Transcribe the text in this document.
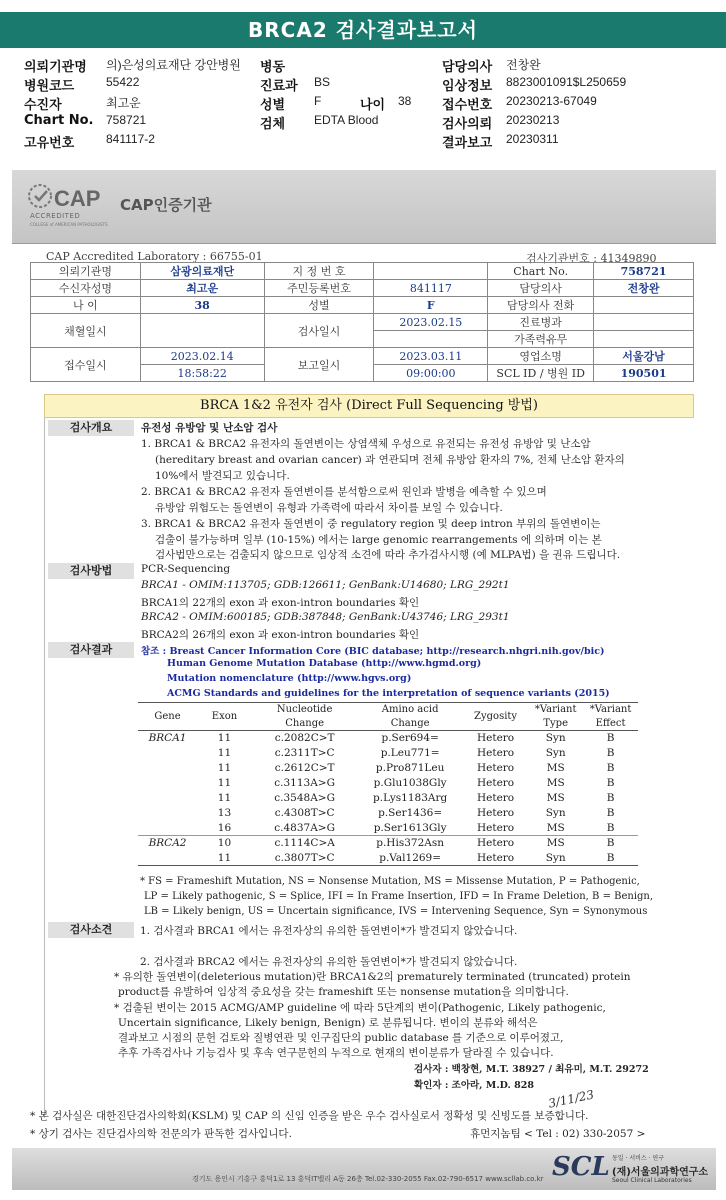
BRCA2 검사결과보고서
의뢰기관명 의)은성의료재단 강안병원 병동	담당의사 전창완
병원코드	55422	진료과 BS	임상정보 8823001091$L250659
수진자	최고운	성별 F	나이 38 접수번호 20230213-67049
Chart No. 758721	검체 EDTA Blood	검사의뢰 20230213
고유번호	841117-2	결과보고 20230311
CAP
ACCREDITED
COLLEGE of AMERICAN PATHOLOGISTS
CAP인증기관
CAP Accredited Laboratory : 66755-01	검사기관번호 : 41349890
의뢰기관명	삼광의료재단	지 정 번 호		Chart No.	758721
수신자성명	최고운	주민등록번호	841117	담당의사	전창완
나 이	38	성별	F	담당의사 전화	
채혈일시		검사일시	2023.02.15	진료병과	
				가족력유무	
접수일시	2023.02.14	보고일시	2023.03.11	영업소명	서울강남
	18:58:22		09:00:00	SCL ID / 병원 ID	190501
BRCA 1&2 유전자 검사 (Direct Full Sequencing 방법)
검사개요	유전성 유방암 및 난소암 검사
1. BRCA1 & BRCA2 유전자의 돌연변이는 상염색체 우성으로 유전되는 유전성 유방암 및 난소암
(hereditary breast and ovarian cancer) 과 연관되며 전체 유방암 환자의 7%, 전체 난소암 환자의
10%에서 발견되고 있습니다.
2. BRCA1 & BRCA2 유전자 돌연변이를 분석함으로써 원인과 발병을 예측할 수 있으며
유방암 위험도는 돌연변이 유형과 가족력에 따라서 차이를 보일 수 있습니다.
3. BRCA1 & BRCA2 유전자 돌연변이 중 regulatory region 및 deep intron 부위의 돌연변이는
검출이 불가능하며 일부 (10-15%) 에서는 large genomic rearrangements 에 의하며 이는 본
검사법만으로는 검출되지 않으므로 임상적 소견에 따라 추가검사시행 (예 MLPA법) 을 권유 드립니다.
검사방법	PCR-Sequencing
BRCA1 - OMIM:113705; GDB:126611; GenBank:U14680; LRG_292t1
BRCA1의 22개의 exon 과 exon-intron boundaries 확인
BRCA2 - OMIM:600185; GDB:387848; GenBank:U43746; LRG_293t1
BRCA2의 26개의 exon 과 exon-intron boundaries 확인
검사결과	참조 : Breast Cancer Information Core (BIC database; http://research.nhgri.nih.gov/bic)
Human Genome Mutation Database (http://www.hgmd.org)
Mutation nomenclature (http://www.hgvs.org)
ACMG Standards and guidelines for the interpretation of sequence variants (2015)
Gene	Exon	Nucleotide	Amino acid	Zygosity	*Variant	*Variant
		Change	Change		Type	Effect
BRCA1	11	c.2082C>T	p.Ser694=	Hetero	Syn	B
	11	c.2311T>C	p.Leu771=	Hetero	Syn	B
	11	c.2612C>T	p.Pro871Leu	Hetero	MS	B
	11	c.3113A>G	p.Glu1038Gly	Hetero	MS	B
	11	c.3548A>G	p.Lys1183Arg	Hetero	MS	B
	13	c.4308T>C	p.Ser1436=	Hetero	Syn	B
	16	c.4837A>G	p.Ser1613Gly	Hetero	MS	B
BRCA2	10	c.1114C>A	p.His372Asn	Hetero	MS	B
	11	c.3807T>C	p.Val1269=	Hetero	Syn	B
* FS = Frameshift Mutation, NS = Nonsense Mutation, MS = Missense Mutation, P = Pathogenic,
LP = Likely pathogenic, S = Splice, IFI = In Frame Insertion, IFD = In Frame Deletion, B = Benign,
LB = Likely benign, US = Uncertain significance, IVS = Intervening Sequence, Syn = Synonymous
검사소견	1. 검사결과 BRCA1 에서는 유전자상의 유의한 돌연변이*가 발견되지 않았습니다.
2. 검사결과 BRCA2 에서는 유전자상의 유의한 돌연변이*가 발견되지 않았습니다.
* 유의한 돌연변이(deleterious mutation)란 BRCA1&2의 prematurely terminated (truncated) protein
product를 유발하여 임상적 중요성을 갖는 frameshift 또는 nonsense mutation을 의미합니다.
* 검출된 변이는 2015 ACMG/AMP guideline 에 따라 5단계의 변이(Pathogenic, Likely pathogenic,
Uncertain significance, Likely benign, Benign) 로 분류됩니다. 변이의 분류와 해석은
결과보고 시점의 문헌 검토와 질병연관 및 인구집단의 public database 를 기준으로 이루어졌고,
추후 가족검사나 기능검사 및 후속 연구문헌의 누적으로 현재의 변이분류가 달라질 수 있습니다.
검사자 : 백창현, M.T. 38927 / 최유미, M.T. 29272
확인자 : 조아라, M.D. 828
3/11/23
* 본 검사실은 대한진단검사의학회(KSLM) 및 CAP 의 신임 인증을 받은 우수 검사실로서 정확성 및 신빙도를 보증합니다.
* 상기 검사는 진단검사의학 전문의가 판독한 검사입니다.	휴먼지놈팀 < Tel : 02) 330-2057 >
경기도 용인시 기흥구 흥덕1로 13 흥덕IT밸리 A동 26층 Tel.02-330-2055 Fax.02-790-6517 www.scllab.co.kr SCL 동일 · 서비스 · 연구
(재)서울의과학연구소
Seoul Clinical Laboratories
